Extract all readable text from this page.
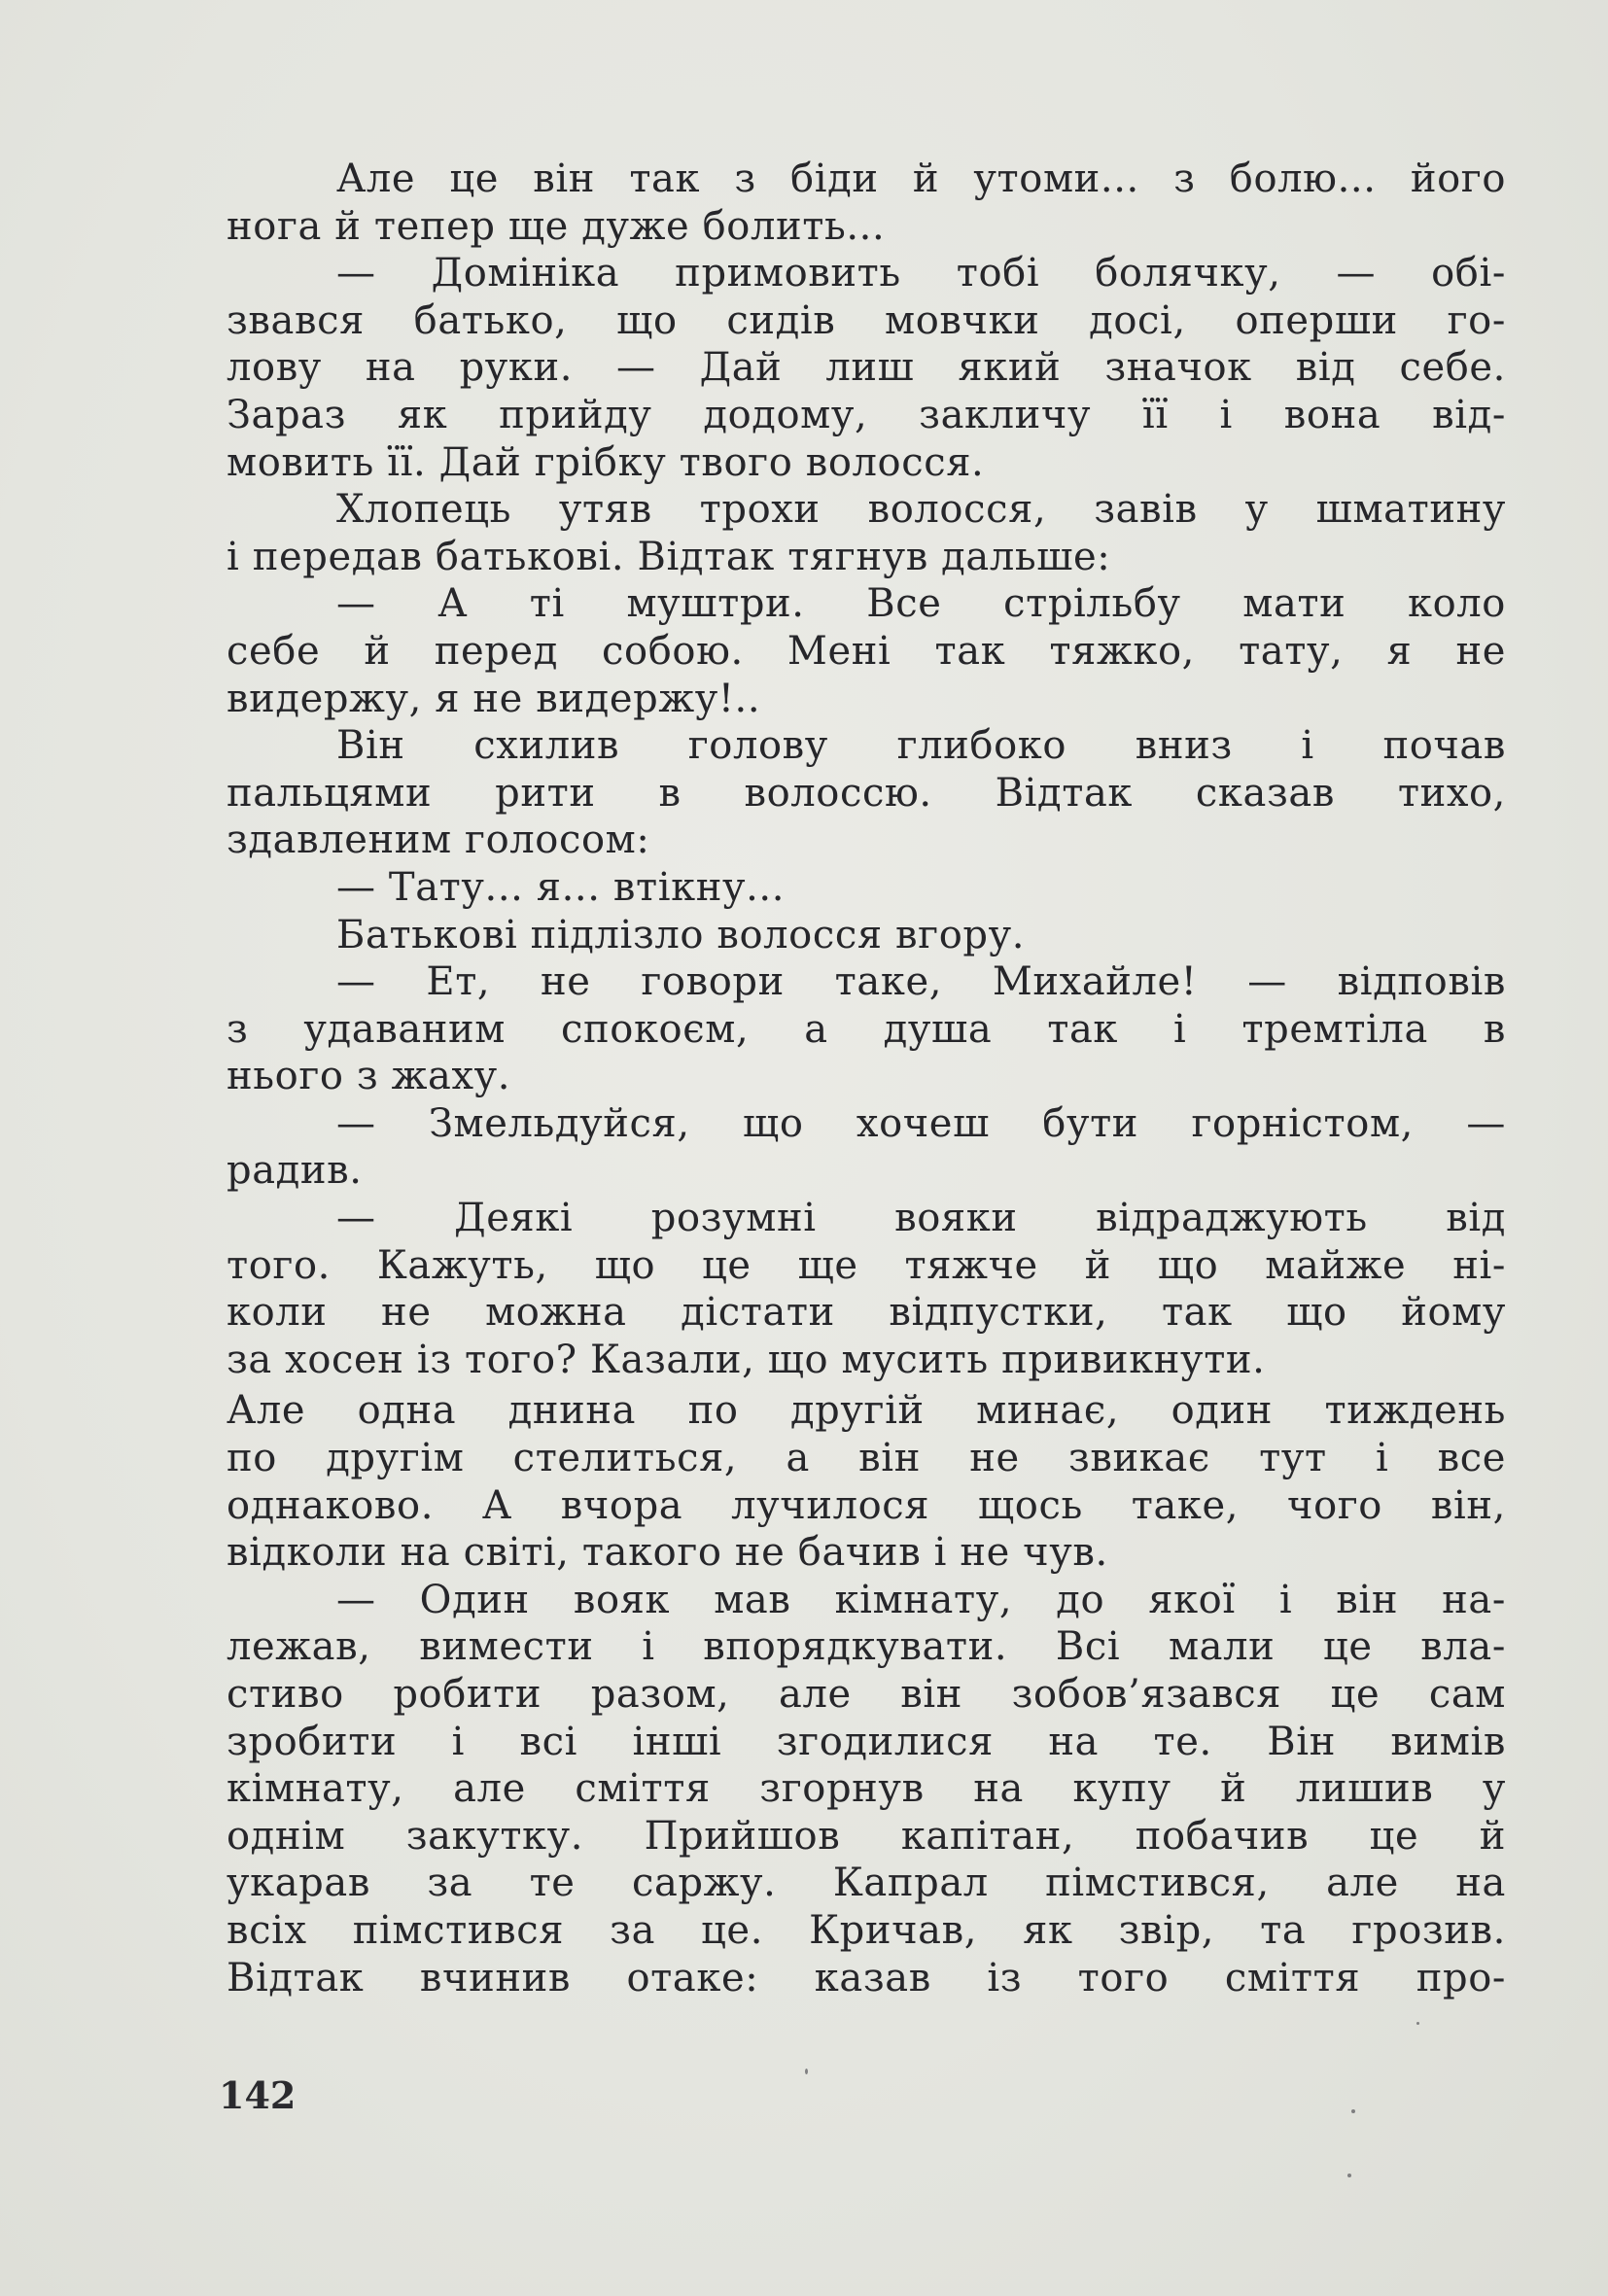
Але це він так з біди й утоми... з болю... його
нога й тепер ще дуже болить...
— Домініка примовить тобі болячку, — обі-
звався батько, що сидів мовчки досі, оперши го-
лову на руки. — Дай лиш який значок від себе.
Зараз як прийду додому, закличу її і вона від-
мовить її. Дай грібку твого волосся.
Хлопець утяв трохи волосся, завів у шматину
і передав батькові. Відтак тягнув дальше:
— А ті муштри. Все стрільбу мати коло
себе й перед собою. Мені так тяжко, тату, я не
видержу, я не видержу!..
Він схилив голову глибоко вниз і почав
пальцями рити в волоссю. Відтак сказав тихо,
здавленим голосом:
— Тату... я... втікну...
Батькові підлізло волосся вгору.
— Ет, не говори таке, Михайле! — відповів
з удаваним спокоєм, а душа так і тремтіла в
нього з жаху.
— Змельдуйся, що хочеш бути горністом, —
радив.
— Деякі розумні вояки відраджують від
того. Кажуть, що це ще тяжче й що майже ні-
коли не можна дістати відпустки, так що йому
за хосен із того? Казали, що мусить привикнути.
Але одна днина по другій минає, один тиждень
по другім стелиться, а він не звикає тут і все
однаково. А вчора лучилося щось таке, чого він,
відколи на світі, такого не бачив і не чув.
— Один вояк мав кімнату, до якої і він на-
лежав, вимести і впорядкувати. Всі мали це вла-
стиво робити разом, але він зобов’язався це сам
зробити і всі інші згодилися на те. Він вимів
кімнату, але сміття згорнув на купу й лишив у
однім закутку. Прийшов капітан, побачив це й
укарав за те саржу. Капрал пімстився, але на
всіх пімстився за це. Кричав, як звір, та грозив.
Відтак вчинив отаке: казав із того сміття про-
142
